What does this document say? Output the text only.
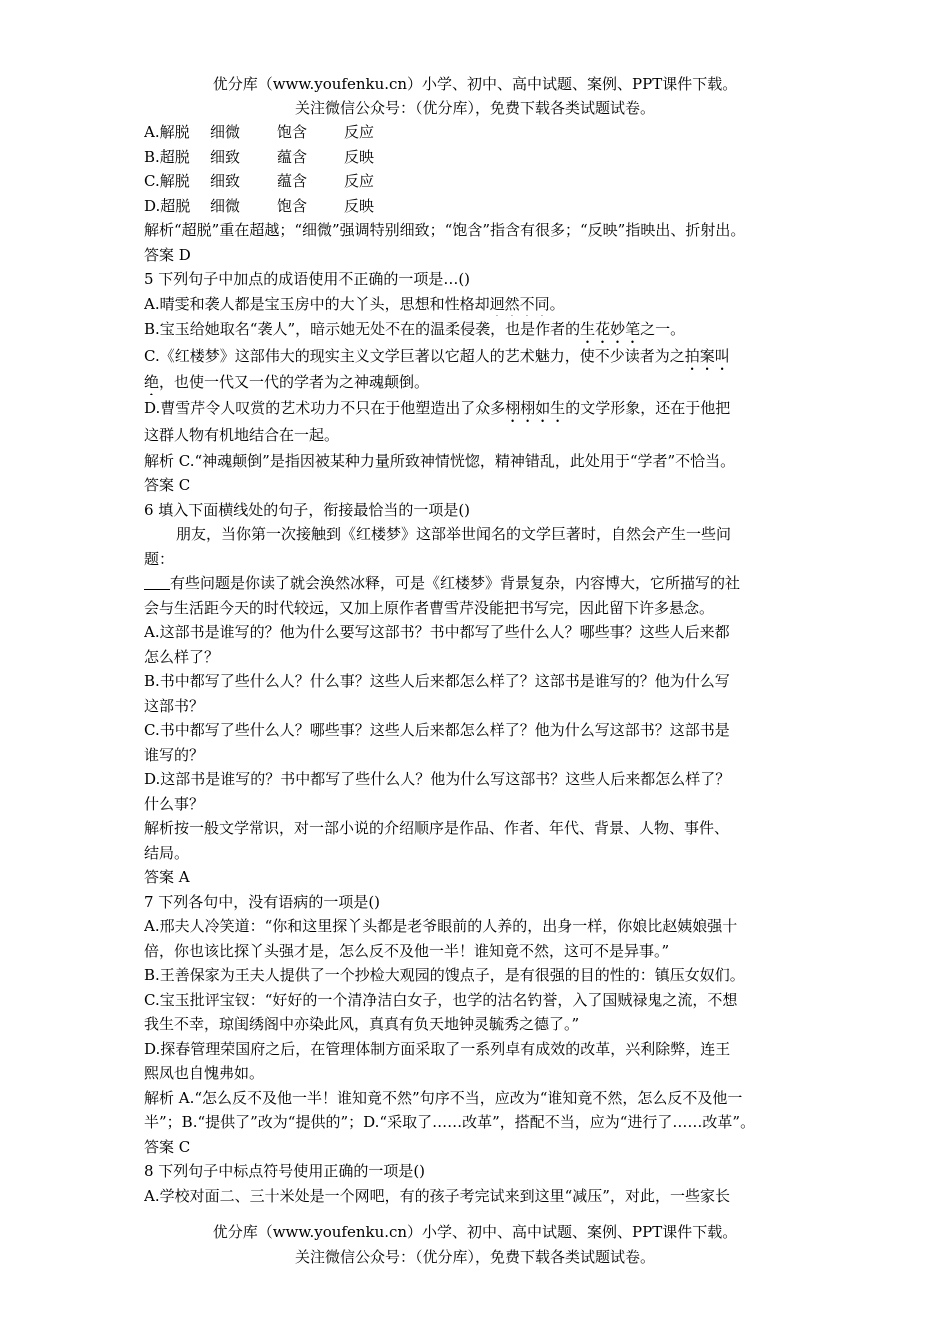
优分库（www.youfenku.cn）小学、初中、高中试题、案例、PPT课件下载。
关注微信公众号：（优分库），免费下载各类试题试卷。
A.解脱 细微 饱含 反应
B.超脱 细致 蕴含 反映
C.解脱 细致 蕴含 反应
D.超脱 细微 饱含 反映
解析“超脱”重在超越；“细微”强调特别细致；“饱含”指含有很多；“反映”指映出、折射出。
答案 D
5 下列句子中加点的成语使用不正确的一项是…()
A.晴雯和袭人都是宝玉房中的大丫头，思想和性格却迥然不同。
B.宝玉给她取名“袭人”，暗示她无处不在的温柔侵袭，也是作者的生花妙笔之一。
C.《红楼梦》这部伟大的现实主义文学巨著以它超人的艺术魅力，使不少读者为之拍案叫
绝，也使一代又一代的学者为之神魂颠倒。
D.曹雪芹令人叹赏的艺术功力不只在于他塑造出了众多栩栩如生的文学形象，还在于他把
这群人物有机地结合在一起。
解析 C.“神魂颠倒”是指因被某种力量所致神情恍惚，精神错乱，此处用于“学者”不恰当。
答案 C
6 填入下面横线处的句子，衔接最恰当的一项是()
朋友，当你第一次接触到《红楼梦》这部举世闻名的文学巨著时，自然会产生一些问
题：
有些问题是你读了就会涣然冰释，可是《红楼梦》背景复杂，内容博大，它所描写的社
会与生活距今天的时代较远，又加上原作者曹雪芹没能把书写完，因此留下许多悬念。
A.这部书是谁写的？他为什么要写这部书？书中都写了些什么人？哪些事？这些人后来都
怎么样了？
B.书中都写了些什么人？什么事？这些人后来都怎么样了？这部书是谁写的？他为什么写
这部书？
C.书中都写了些什么人？哪些事？这些人后来都怎么样了？他为什么写这部书？这部书是
谁写的？
D.这部书是谁写的？书中都写了些什么人？他为什么写这部书？这些人后来都怎么样了？
什么事？
解析按一般文学常识，对一部小说的介绍顺序是作品、作者、年代、背景、人物、事件、
结局。
答案 A
7 下列各句中，没有语病的一项是()
A.邢夫人冷笑道：“你和这里探丫头都是老爷眼前的人养的，出身一样，你娘比赵姨娘强十
倍，你也该比探丫头强才是，怎么反不及他一半！谁知竟不然，这可不是异事。”
B.王善保家为王夫人提供了一个抄检大观园的馊点子，是有很强的目的性的：镇压女奴们。
C.宝玉批评宝钗：“好好的一个清净洁白女子，也学的沽名钓誉，入了国贼禄鬼之流，不想
我生不幸，琼闺绣阁中亦染此风，真真有负天地钟灵毓秀之德了。”
D.探春管理荣国府之后，在管理体制方面采取了一系列卓有成效的改革，兴利除弊，连王
熙凤也自愧弗如。
解析 A.“怎么反不及他一半！谁知竟不然”句序不当，应改为“谁知竟不然，怎么反不及他一
半”；B.“提供了”改为“提供的”；D.“采取了……改革”，搭配不当，应为“进行了……改革”。
答案 C
8 下列句子中标点符号使用正确的一项是()
A.学校对面二、三十米处是一个网吧，有的孩子考完试来到这里“减压”，对此，一些家长
优分库（www.youfenku.cn）小学、初中、高中试题、案例、PPT课件下载。
关注微信公众号：（优分库），免费下载各类试题试卷。
